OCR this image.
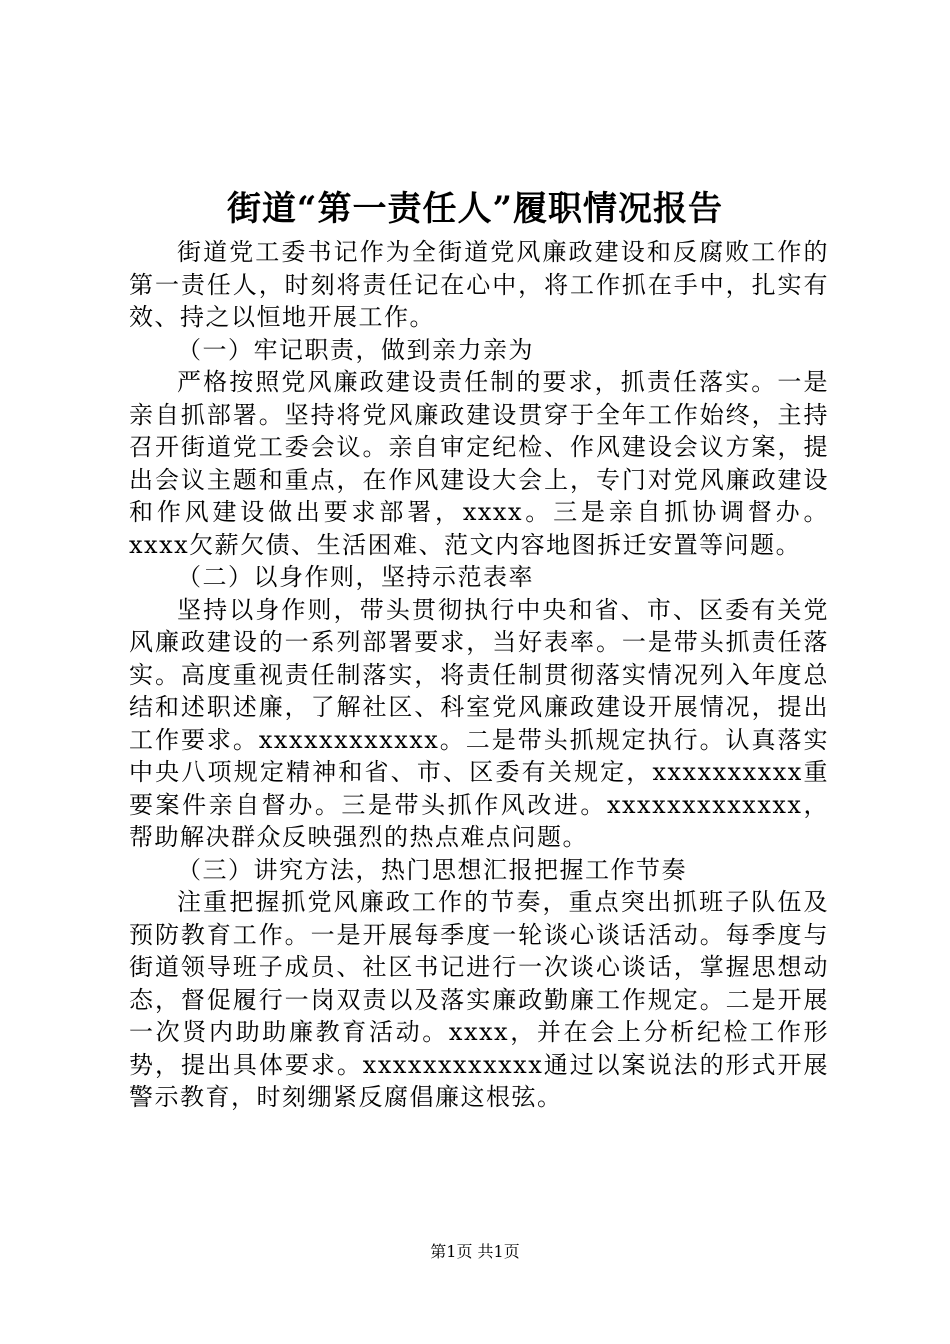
街道“第一责任人”履职情况报告

街道党工委书记作为全街道党风廉政建设和反腐败工作的第一责任人，时刻将责任记在心中，将工作抓在手中，扎实有效、持之以恒地开展工作。

（一）牢记职责，做到亲力亲为

严格按照党风廉政建设责任制的要求，抓责任落实。一是亲自抓部署。坚持将党风廉政建设贯穿于全年工作始终，主持召开街道党工委会议。亲自审定纪检、作风建设会议方案，提出会议主题和重点，在作风建设大会上，专门对党风廉政建设和作风建设做出要求部署，xxxx。三是亲自抓协调督办。xxxx欠薪欠债、生活困难、范文内容地图拆迁安置等问题。

（二）以身作则，坚持示范表率

坚持以身作则，带头贯彻执行中央和省、市、区委有关党风廉政建设的一系列部署要求，当好表率。一是带头抓责任落实。高度重视责任制落实，将责任制贯彻落实情况列入年度总结和述职述廉，了解社区、科室党风廉政建设开展情况，提出工作要求。xxxxxxxxxxxx。二是带头抓规定执行。认真落实中央八项规定精神和省、市、区委有关规定，xxxxxxxxxx重要案件亲自督办。三是带头抓作风改进。xxxxxxxxxxxxx，帮助解决群众反映强烈的热点难点问题。

（三）讲究方法，热门思想汇报把握工作节奏

注重把握抓党风廉政工作的节奏，重点突出抓班子队伍及预防教育工作。一是开展每季度一轮谈心谈话活动。每季度与街道领导班子成员、社区书记进行一次谈心谈话，掌握思想动态，督促履行一岗双责以及落实廉政勤廉工作规定。二是开展一次贤内助助廉教育活动。xxxx，并在会上分析纪检工作形势，提出具体要求。xxxxxxxxxxxx通过以案说法的形式开展警示教育，时刻绷紧反腐倡廉这根弦。

第1页 共1页
